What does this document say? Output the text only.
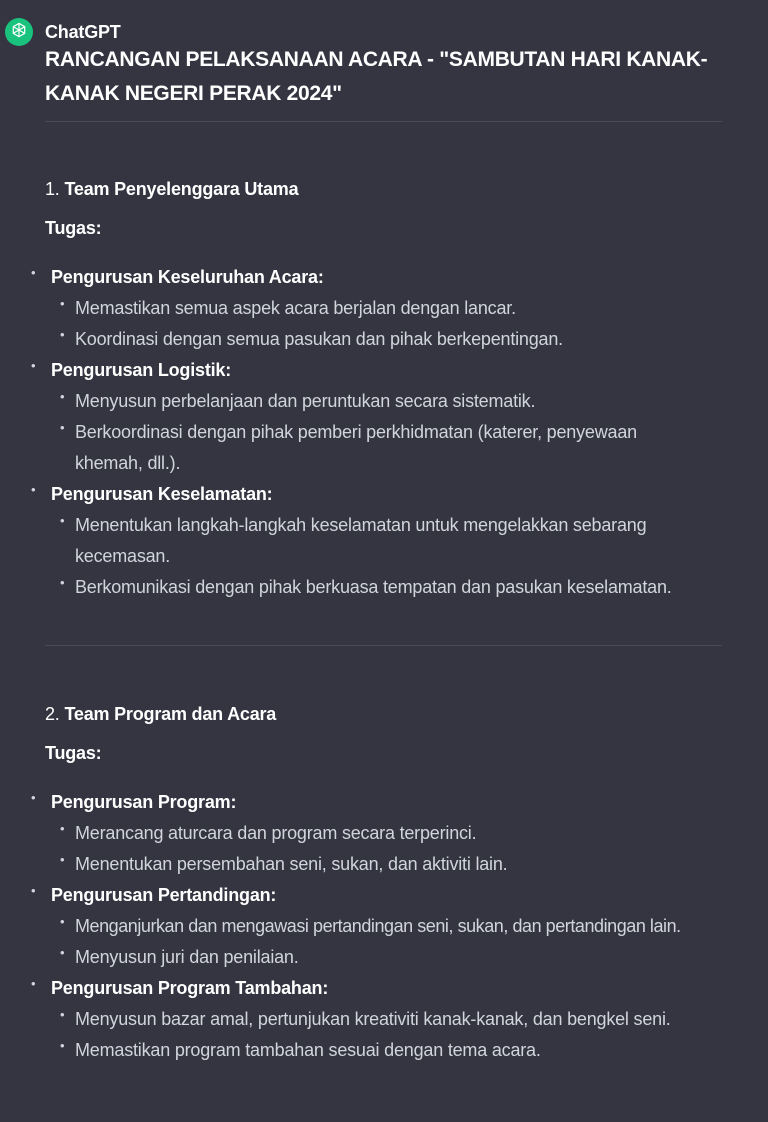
ChatGPT
RANCANGAN PELAKSANAAN ACARA - "SAMBUTAN HARI KANAK-KANAK NEGERI PERAK 2024"
1. Team Penyelenggara Utama
Tugas:
• Pengurusan Keseluruhan Acara:
• Memastikan semua aspek acara berjalan dengan lancar.
• Koordinasi dengan semua pasukan dan pihak berkepentingan.
• Pengurusan Logistik:
• Menyusun perbelanjaan dan peruntukan secara sistematik.
• Berkoordinasi dengan pihak pemberi perkhidmatan (katerer, penyewaan khemah, dll.).
• Pengurusan Keselamatan:
• Menentukan langkah-langkah keselamatan untuk mengelakkan sebarang kecemasan.
• Berkomunikasi dengan pihak berkuasa tempatan dan pasukan keselamatan.
2. Team Program dan Acara
Tugas:
• Pengurusan Program:
• Merancang aturcara dan program secara terperinci.
• Menentukan persembahan seni, sukan, dan aktiviti lain.
• Pengurusan Pertandingan:
• Menganjurkan dan mengawasi pertandingan seni, sukan, dan pertandingan lain.
• Menyusun juri dan penilaian.
• Pengurusan Program Tambahan:
• Menyusun bazar amal, pertunjukan kreativiti kanak-kanak, dan bengkel seni.
• Memastikan program tambahan sesuai dengan tema acara.
